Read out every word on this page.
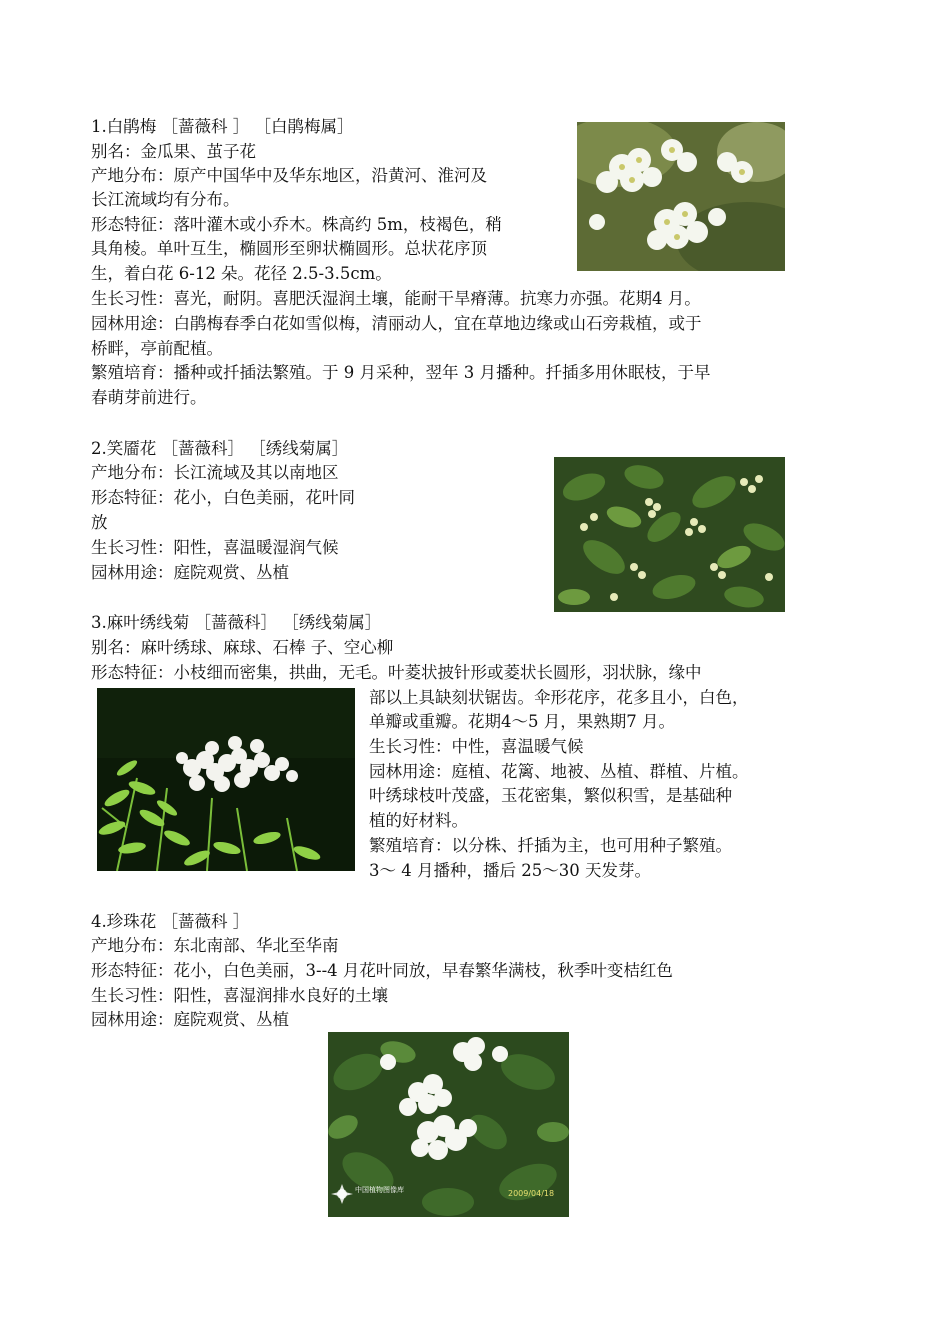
1.白鹃梅 ［蔷薇科 ］ ［白鹃梅属］
别名：金瓜果、茧子花
产地分布：原产中国华中及华东地区，沿黄河、淮河及
长江流域均有分布。
形态特征：落叶灌木或小乔木。株高约 5m，枝褐色，稍
具角棱。单叶互生，椭圆形至卵状椭圆形。总状花序顶
生，着白花 6-12 朵。花径 2.5-3.5cm。
生长习性：喜光，耐阴。喜肥沃湿润土壤，能耐干旱瘠薄。抗寒力亦强。花期4 月。
园林用途：白鹃梅春季白花如雪似梅，清丽动人，宜在草地边缘或山石旁栽植，或于
桥畔，亭前配植。
繁殖培育：播种或扦插法繁殖。于 9 月采种，翌年 3 月播种。扦插多用休眠枝，于早
春萌芽前进行。
2.笑靥花 ［蔷薇科］ ［绣线菊属］
产地分布：长江流域及其以南地区
形态特征：花小，白色美丽，花叶同
放
生长习性：阳性，喜温暖湿润气候
园林用途：庭院观赏、丛植
3.麻叶绣线菊 ［蔷薇科］ ［绣线菊属］
别名：麻叶绣球、麻球、石棒 子、空心柳
形态特征：小枝细而密集，拱曲，无毛。叶菱状披针形或菱状长圆形，羽状脉，缘中
部以上具缺刻状锯齿。伞形花序，花多且小，白色，
单瓣或重瓣。花期4～5 月，果熟期7 月。
生长习性：中性，喜温暖气候
园林用途：庭植、花篱、地被、丛植、群植、片植。
叶绣球枝叶茂盛，玉花密集，繁似积雪，是基础种
植的好材料。
繁殖培育：以分株、扦插为主，也可用种子繁殖。
3～ 4 月播种，播后 25～30 天发芽。
4.珍珠花 ［蔷薇科 ］
产地分布：东北南部、华北至华南
形态特征：花小，白色美丽，3--4 月花叶同放，早春繁华满枝，秋季叶变桔红色
生长习性：阳性，喜湿润排水良好的土壤
园林用途：庭院观赏、丛植
中国植物图像库	2009/04/18
